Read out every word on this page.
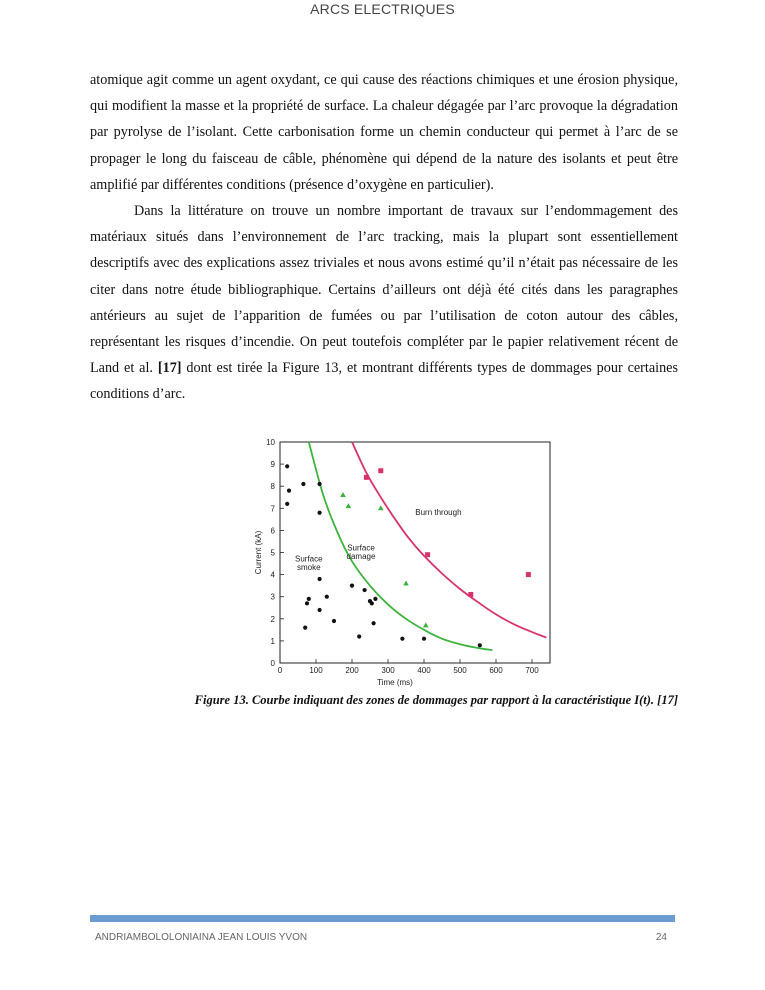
ARCS ELECTRIQUES

atomique agit comme un agent oxydant, ce qui cause des réactions chimiques et une érosion physique, qui modifient la masse et la propriété de surface. La chaleur dégagée par l’arc provoque la dégradation par pyrolyse de l’isolant. Cette carbonisation forme un chemin conducteur qui permet à l’arc de se propager le long du faisceau de câble, phénomène qui dépend de la nature des isolants et peut être amplifié par différentes conditions (présence d’oxygène en particulier).

Dans la littérature on trouve un nombre important de travaux sur l’endommagement des matériaux situés dans l’environnement de l’arc tracking, mais la plupart sont essentiellement descriptifs avec des explications assez triviales et nous avons estimé qu’il n’était pas nécessaire de les citer dans notre étude bibliographique. Certains d’ailleurs ont déjà été cités dans les paragraphes antérieurs au sujet de l’apparition de fumées ou par l’utilisation de coton autour des câbles, représentant les risques d’incendie. On peut toutefois compléter par le papier relativement récent de Land et al. [17] dont est tirée la Figure 13, et montrant différents types de dommages pour certaines conditions d’arc.

0	100	200	300	400	500	600	700
0
1
2
3
4
5
6
7
8
9
10
Time (ms)
Current (kA)
Burn through
Surface
damage
Surface
smoke
Figure 13. Courbe indiquant des zones de dommages par rapport à la caractéristique I(t). [17]
ANDRIAMBOLOLONIAINA JEAN LOUIS YVON	24
